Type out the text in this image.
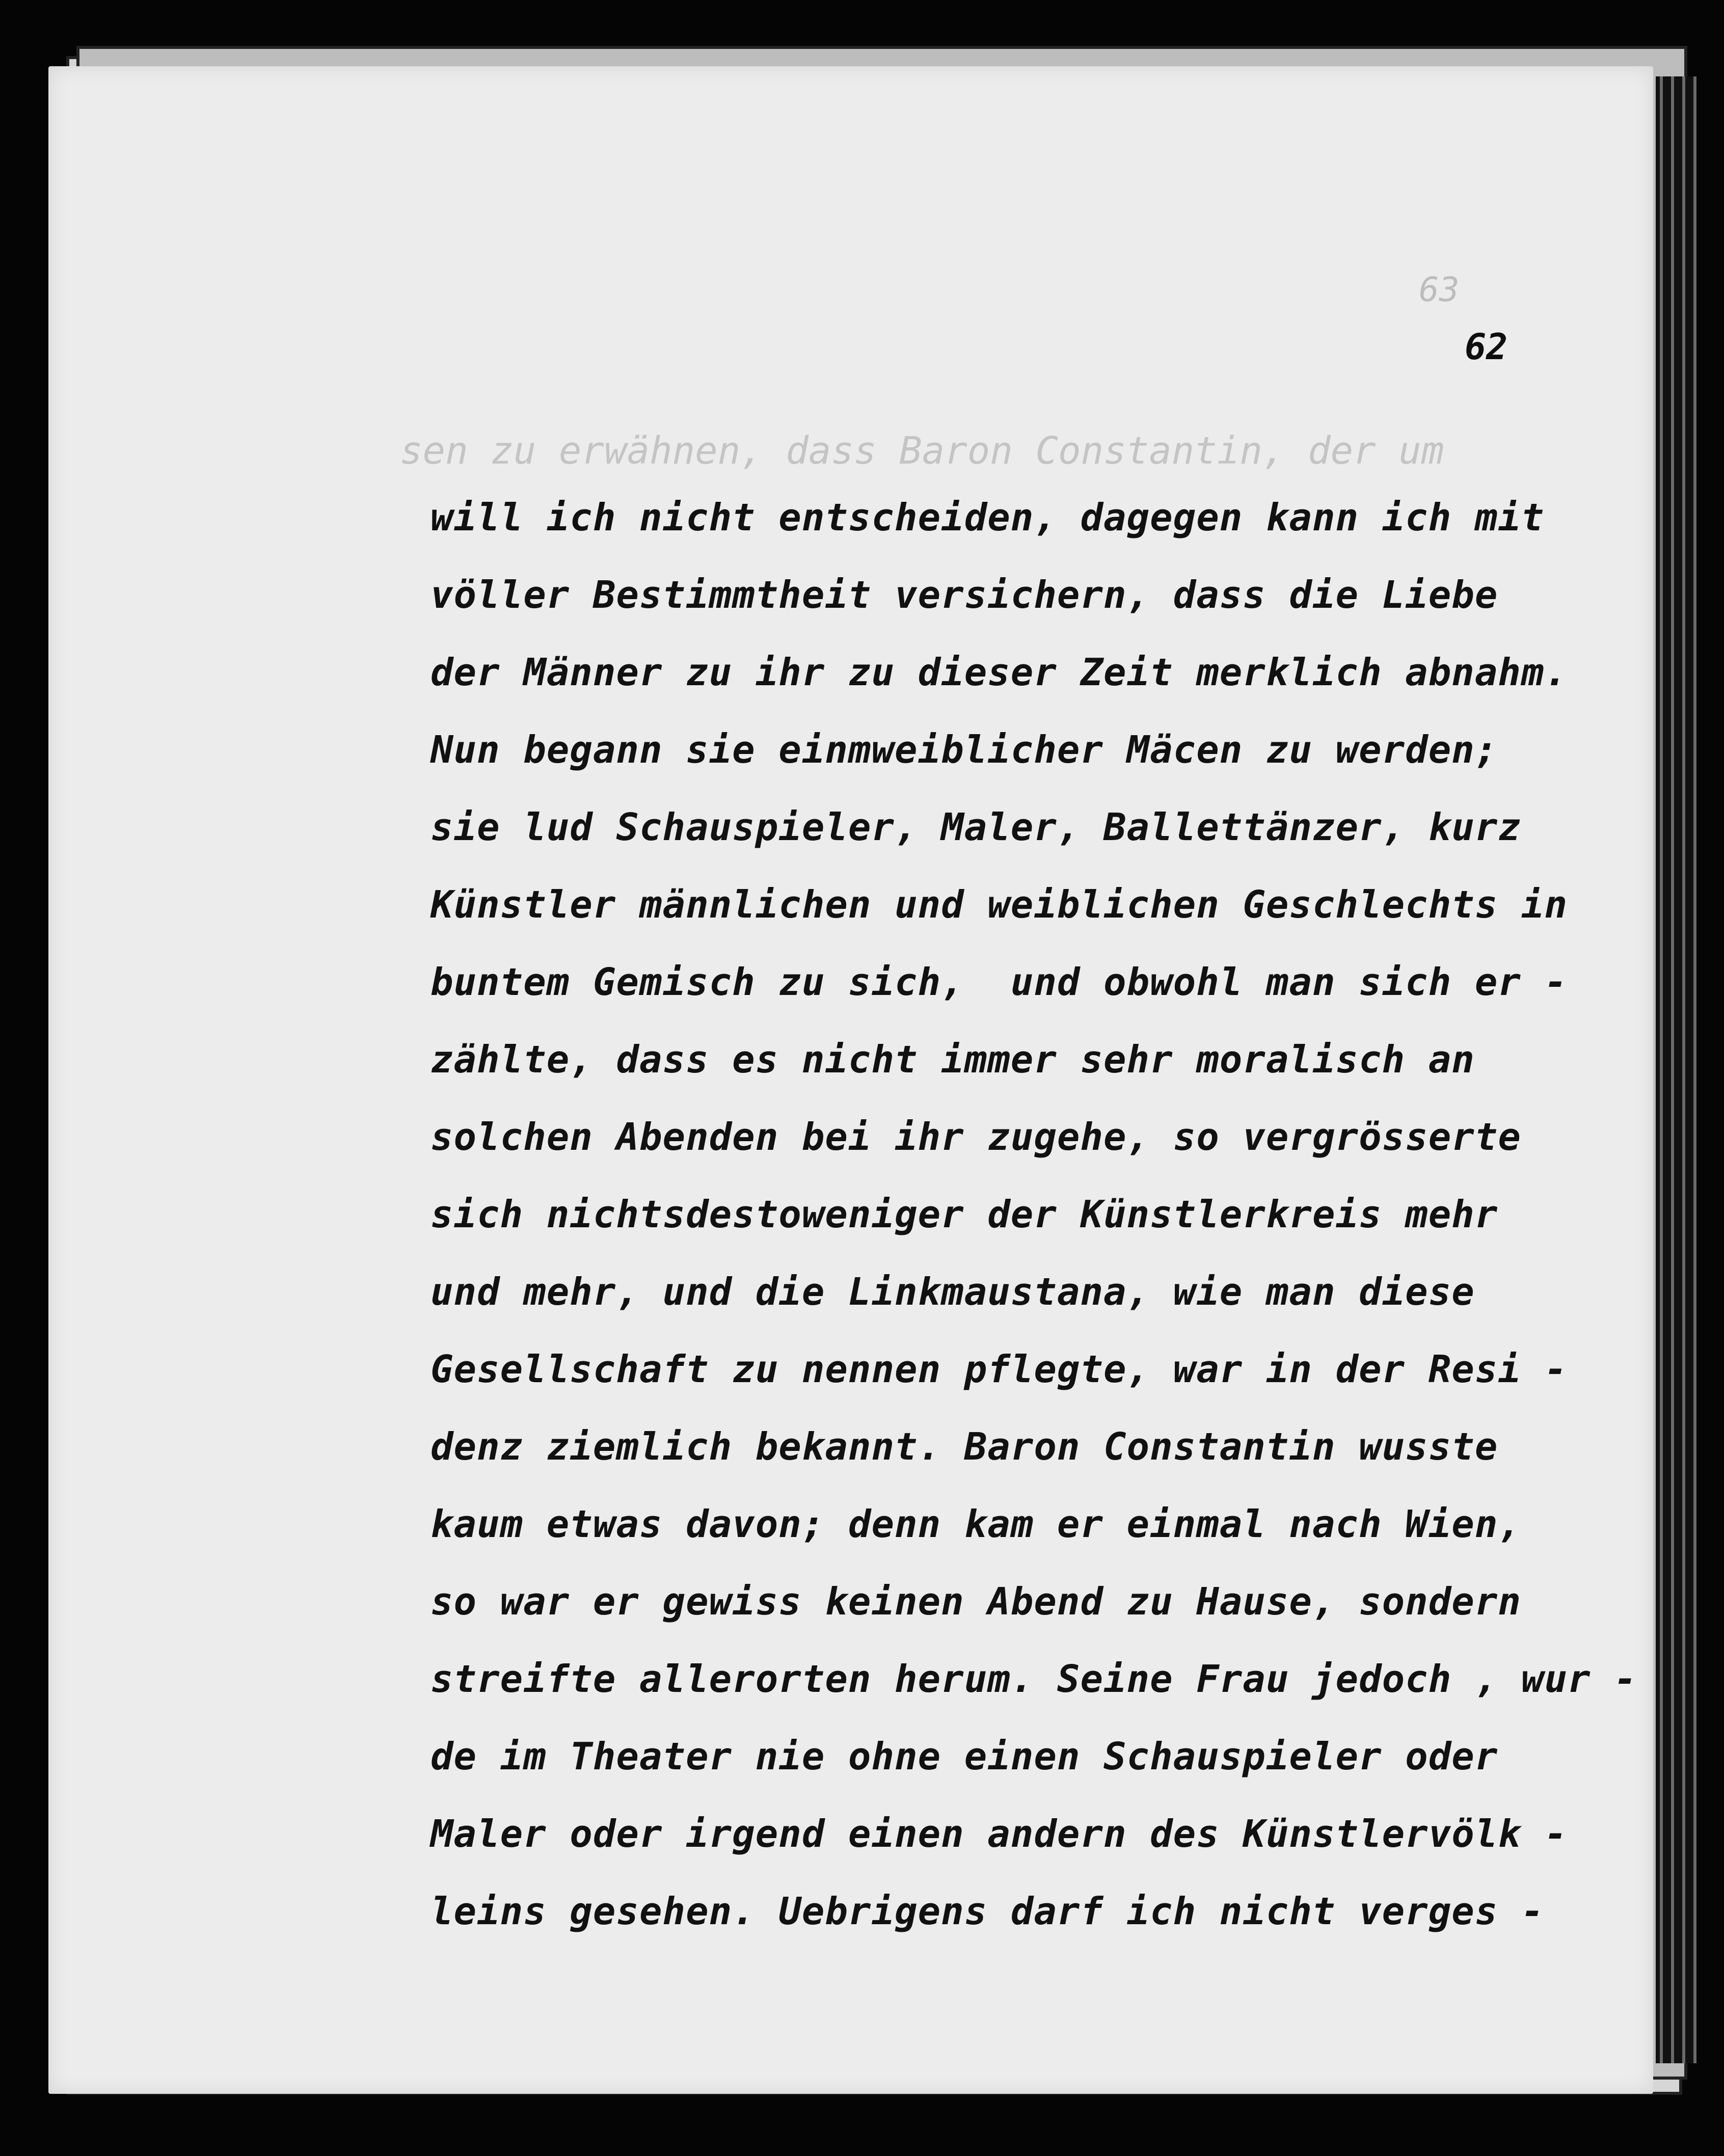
63
62
sen zu erwähnen, dass Baron Constantin, der um
will ich nicht entscheiden, dagegen kann ich mit
völler Bestimmtheit versichern, dass die Liebe
der Männer zu ihr zu dieser Zeit merklich abnahm.
Nun begann sie einmweiblicher Mäcen zu werden;
sie lud Schauspieler, Maler, Ballettänzer, kurz
Künstler männlichen und weiblichen Geschlechts in
buntem Gemisch zu sich,  und obwohl man sich er -
zählte, dass es nicht immer sehr moralisch an
solchen Abenden bei ihr zugehe, so vergrösserte
sich nichtsdestoweniger der Künstlerkreis mehr
und mehr, und die Linkmaustana, wie man diese
Gesellschaft zu nennen pflegte, war in der Resi -
denz ziemlich bekannt. Baron Constantin wusste
kaum etwas davon; denn kam er einmal nach Wien,
so war er gewiss keinen Abend zu Hause, sondern
streifte allerorten herum. Seine Frau jedoch , wur -
de im Theater nie ohne einen Schauspieler oder
Maler oder irgend einen andern des Künstlervölk -
leins gesehen. Uebrigens darf ich nicht verges -
